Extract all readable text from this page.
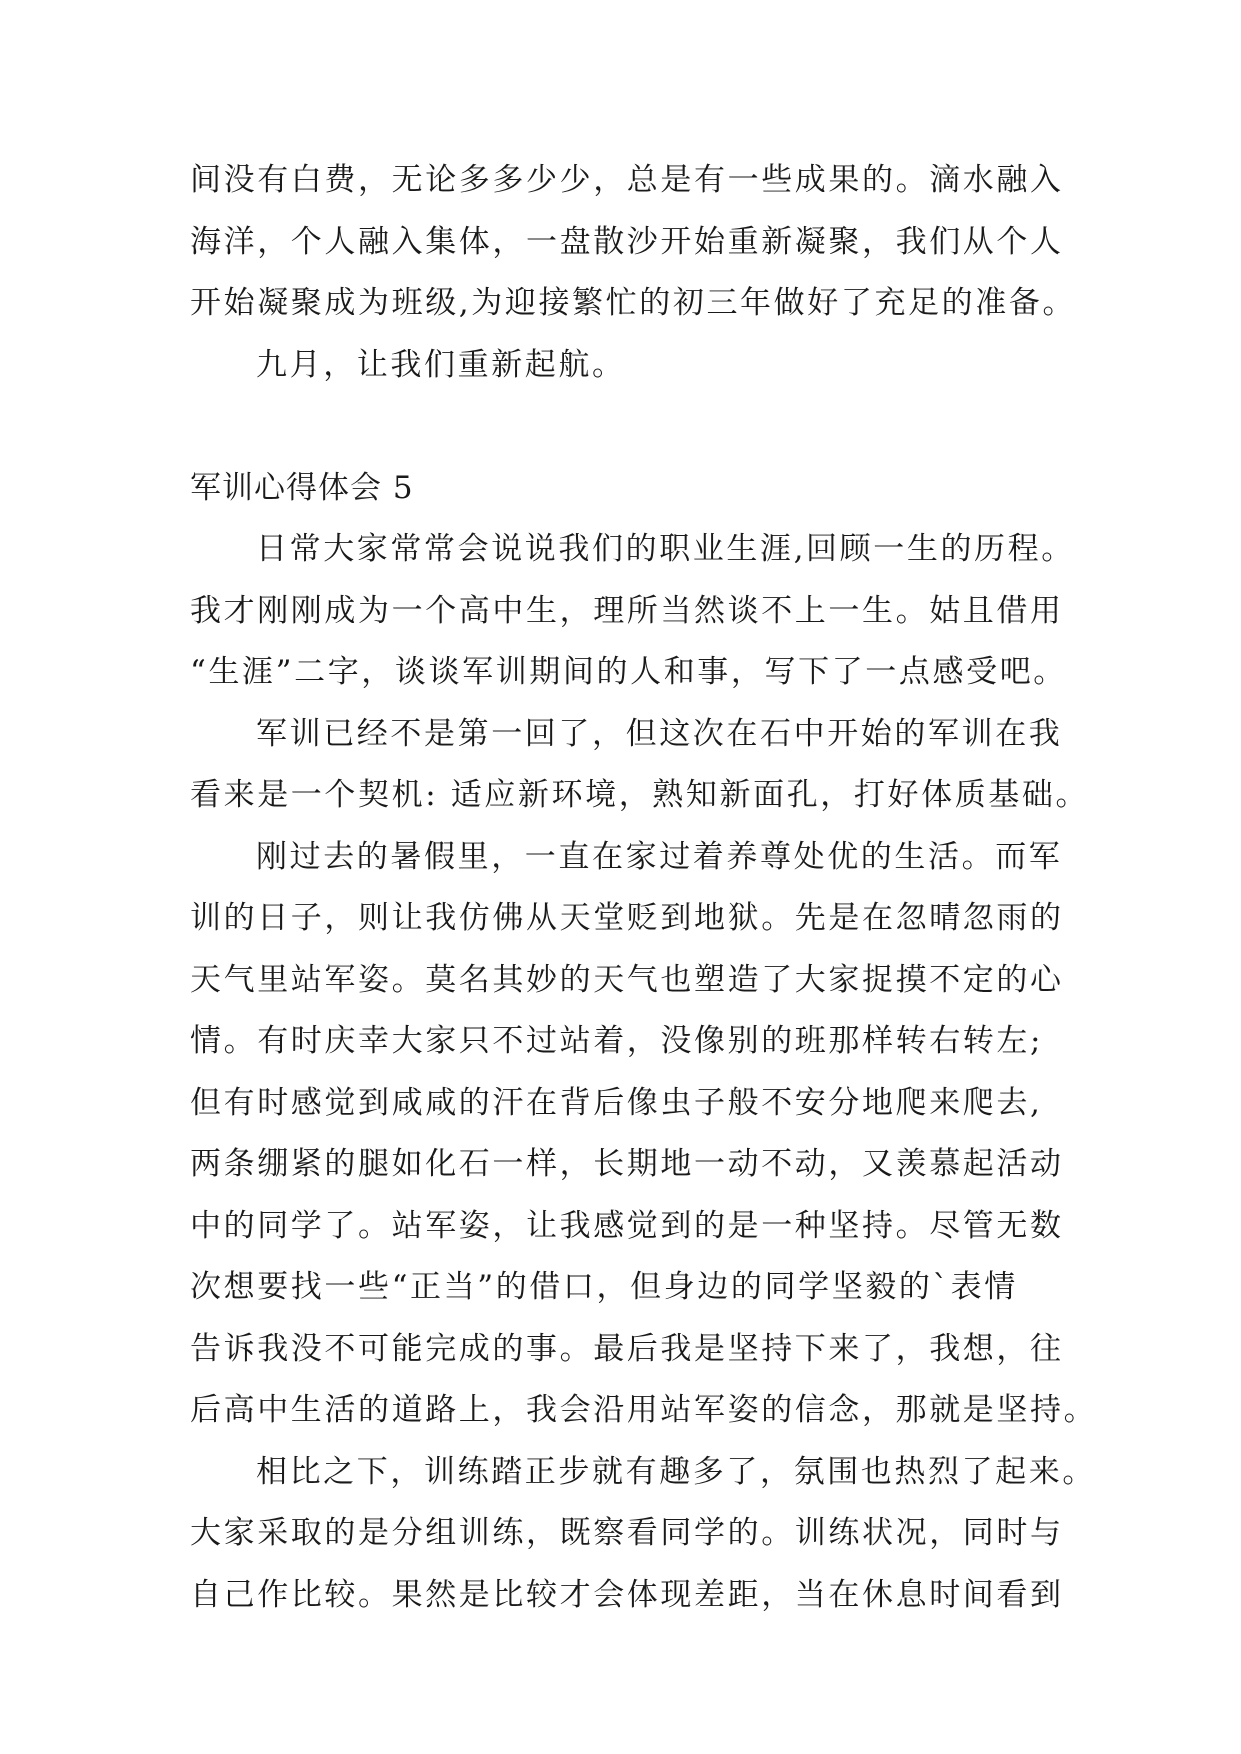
间没有白费，无论多多少少，总是有一些成果的。滴水融入
海洋，个人融入集体，一盘散沙开始重新凝聚，我们从个人
开始凝聚成为班级,为迎接繁忙的初三年做好了充足的准备。
九月，让我们重新起航。
军训心得体会 5
日常大家常常会说说我们的职业生涯,回顾一生的历程。
我才刚刚成为一个高中生，理所当然谈不上一生。姑且借用
“生涯”二字，谈谈军训期间的人和事，写下了一点感受吧。
军训已经不是第一回了，但这次在石中开始的军训在我
看来是一个契机: 适应新环境，熟知新面孔，打好体质基础。
刚过去的暑假里，一直在家过着养尊处优的生活。而军
训的日子，则让我仿佛从天堂贬到地狱。先是在忽晴忽雨的
天气里站军姿。莫名其妙的天气也塑造了大家捉摸不定的心
情。有时庆幸大家只不过站着，没像别的班那样转右转左;
但有时感觉到咸咸的汗在背后像虫子般不安分地爬来爬去,
两条绷紧的腿如化石一样，长期地一动不动，又羡慕起活动
中的同学了。站军姿，让我感觉到的是一种坚持。尽管无数
次想要找一些“正当”的借口，但身边的同学坚毅的`表情
告诉我没不可能完成的事。最后我是坚持下来了，我想，往
后高中生活的道路上，我会沿用站军姿的信念，那就是坚持。
相比之下，训练踏正步就有趣多了，氛围也热烈了起来。
大家采取的是分组训练，既察看同学的。训练状况，同时与
自己作比较。果然是比较才会体现差距，当在休息时间看到
